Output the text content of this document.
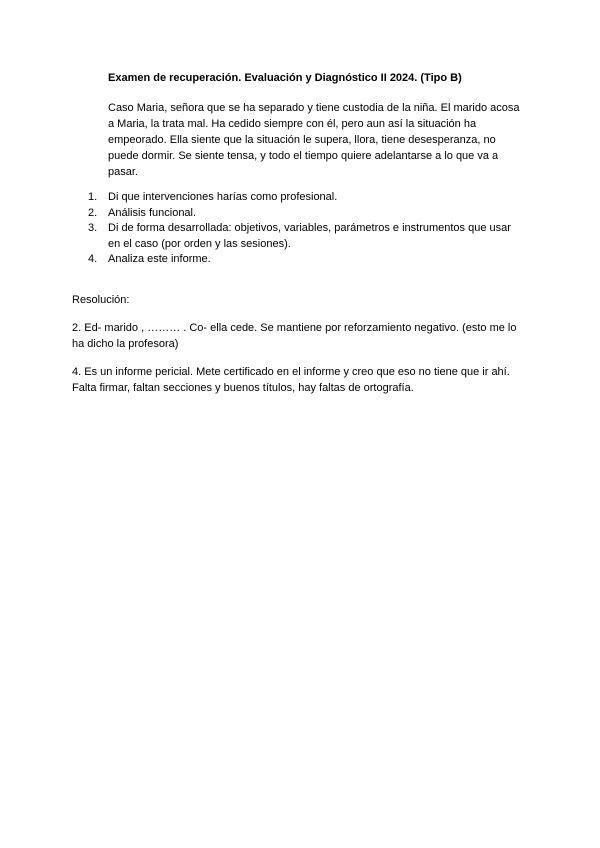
Examen de recuperación. Evaluación y Diagnóstico II 2024. (Tipo B)
Caso Maria, señora que se ha separado y tiene custodia de la niña. El marido acosa
a Maria, la trata mal. Ha cedido siempre con él, pero aun así la situación ha
empeorado. Ella siente que la situación le supera, llora, tiene desesperanza, no
puede dormir. Se siente tensa, y todo el tiempo quiere adelantarse a lo que va a
pasar.
1. Di que intervenciones harías como profesional.
2. Análisis funcional.
3. Di de forma desarrollada: objetivos, variables, parámetros e instrumentos que usar
en el caso (por orden y las sesiones).
4. Analiza este informe.
Resolución:
2. Ed- marido , ……… . Co- ella cede. Se mantiene por reforzamiento negativo. (esto me lo
ha dicho la profesora)
4. Es un informe pericial. Mete certificado en el informe y creo que eso no tiene que ir ahí.
Falta firmar, faltan secciones y buenos títulos, hay faltas de ortografía.
